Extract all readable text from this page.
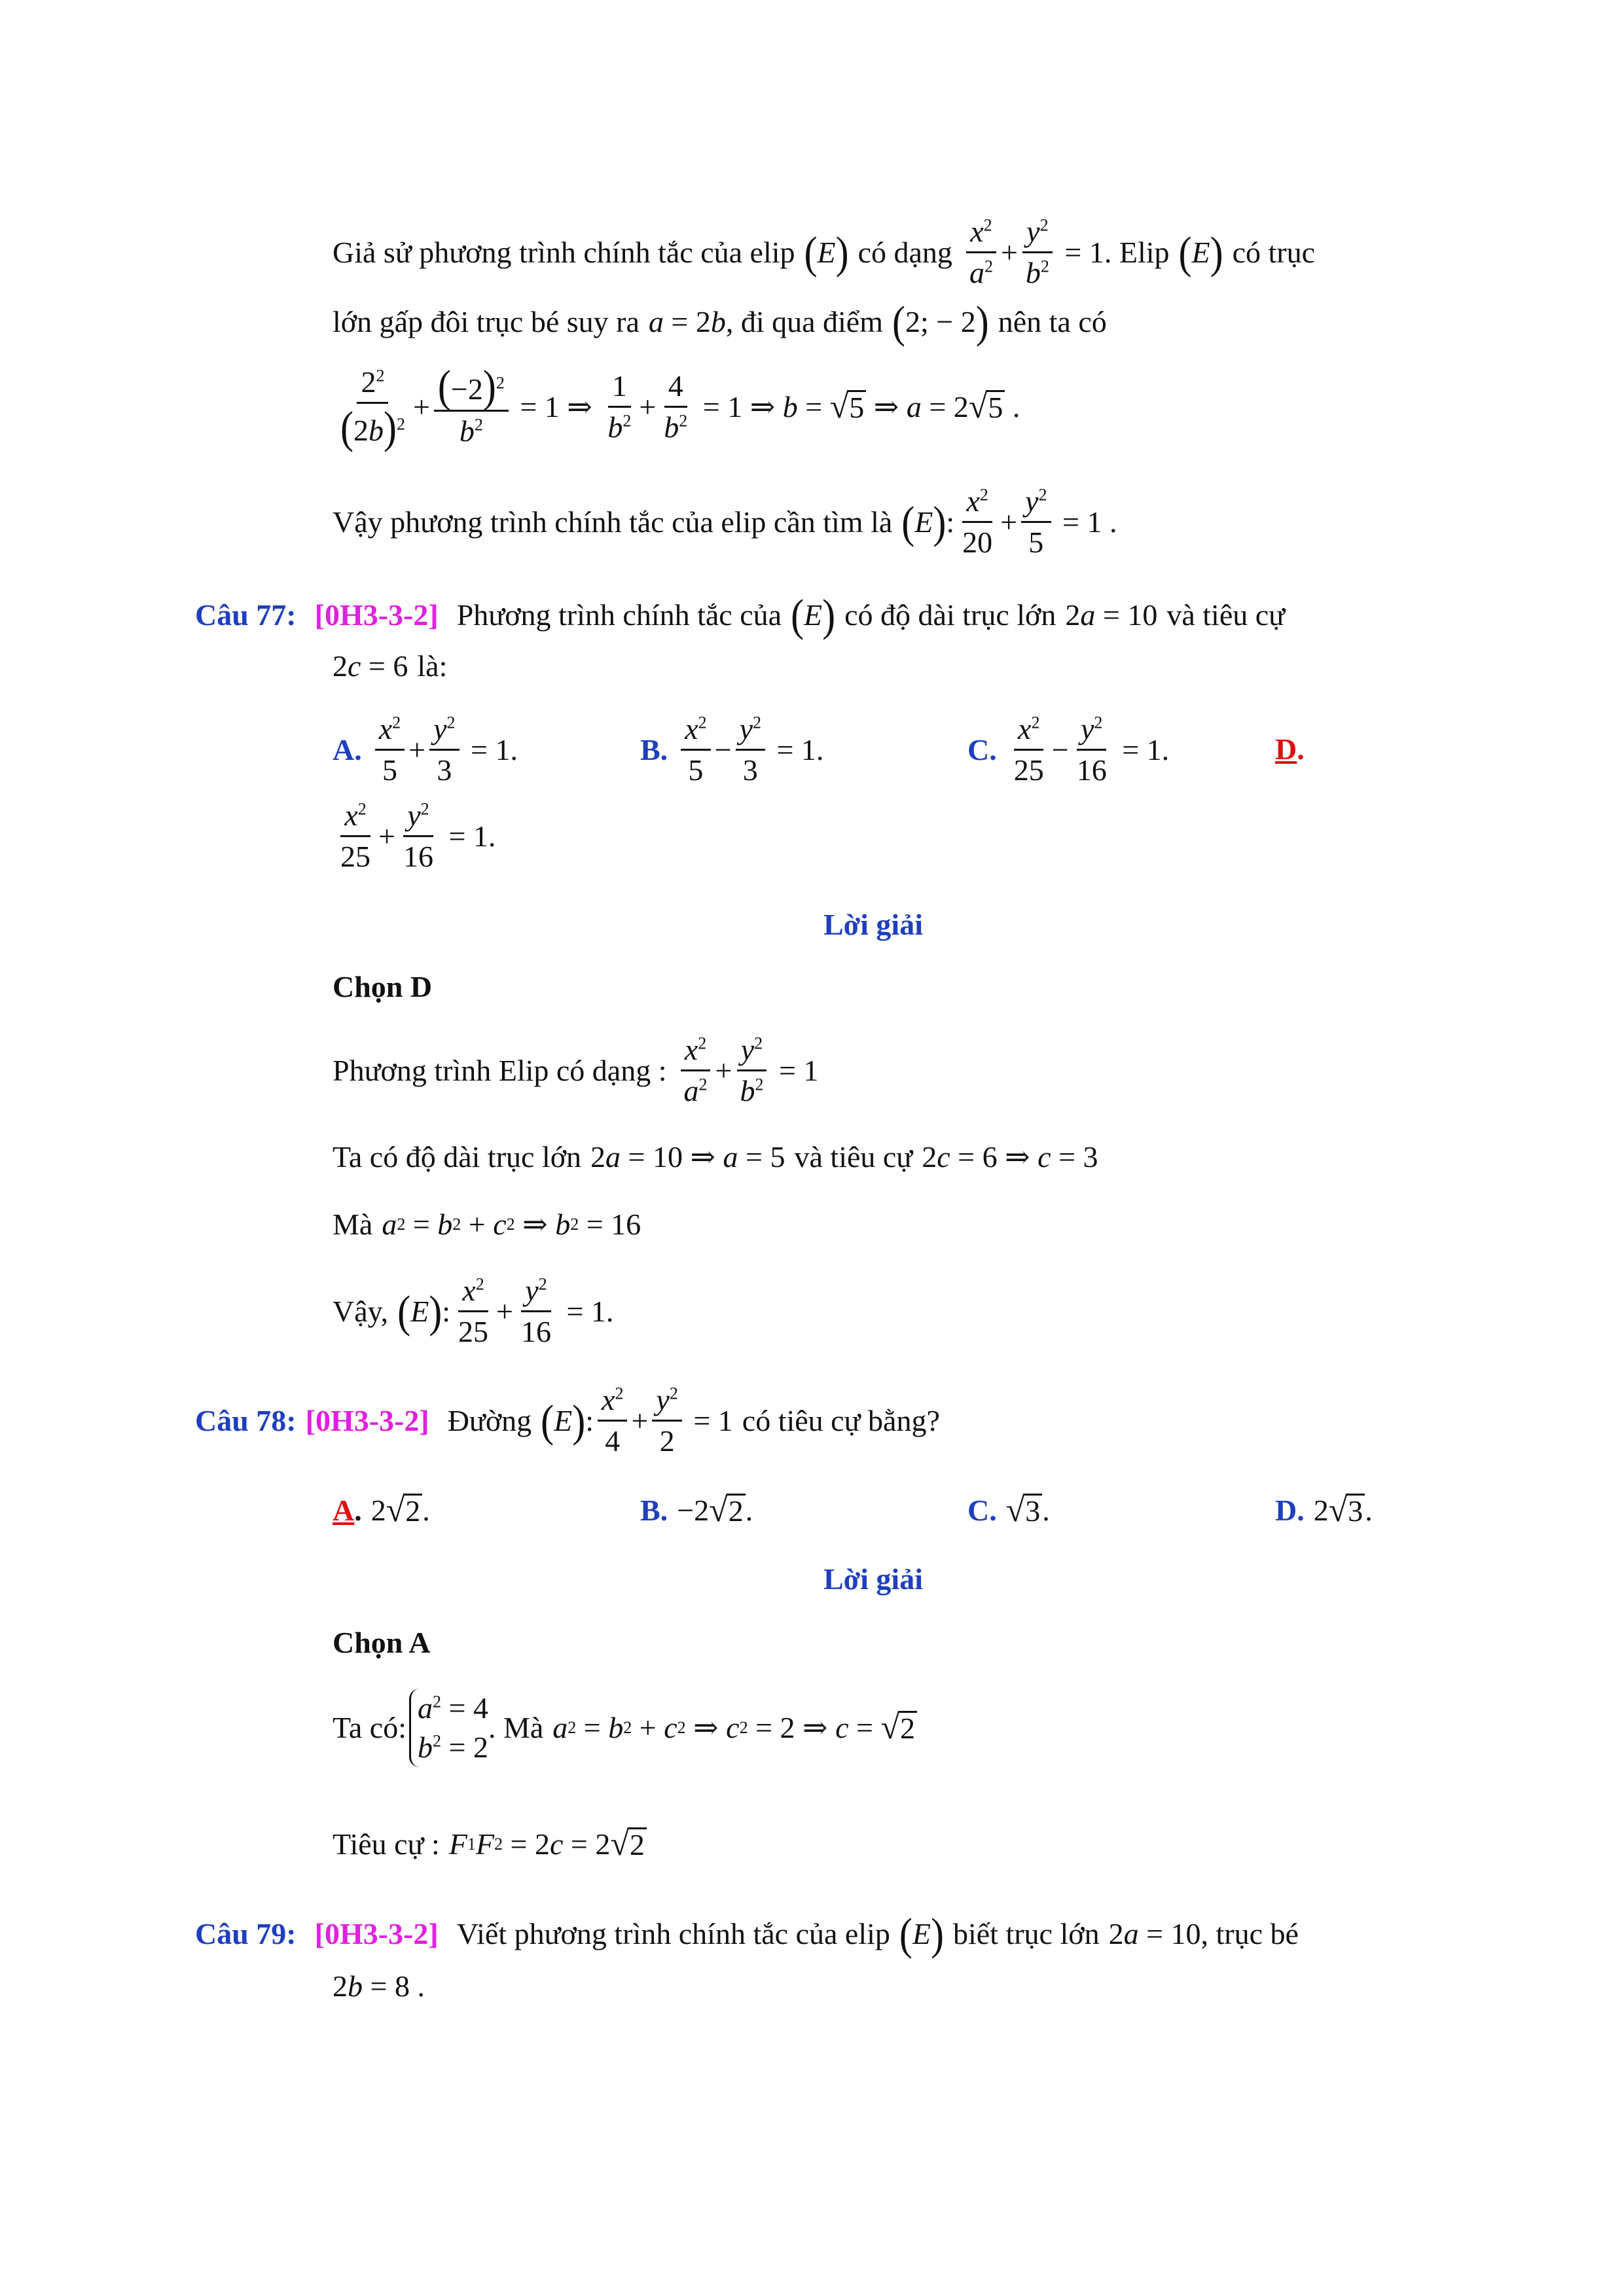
Giả sử phương trình chính tắc của elip ( E ) có dạng $\frac{x^2}{a^2} + \frac{y^2}{b^2} = 1$ . Elip ( E ) có trục
lớn gấp đôi trục bé suy ra a = 2 b , đi qua điểm ( 2; − 2 ) nên ta có
$\frac{2^2}{(2b)^2} + \frac{(-2)^2}{b^2} = 1$ ⇒ $\frac{1}{b^2} + \frac{4}{b^2} = 1$ ⇒ b = √ 5 ⇒ a = 2 √ 5 .
Vậy phương trình chính tắc của elip cần tìm là ( E ) : $\frac{x^2}{20} + \frac{y^2}{5} = 1$ .
Câu 77: [0H3-3-2] Phương trình chính tắc của ( E ) có độ dài trục lớn 2 a = 10 và tiêu cự
2 c = 6 là:
A. $\frac{x^2}{5} + \frac{y^2}{3} = 1$.	B. $\frac{x^2}{5} - \frac{y^2}{3} = 1$.	C. $\frac{x^2}{25} - \frac{y^2}{16} = 1$.	D .
$\frac{x^2}{25} + \frac{y^2}{16} = 1$.
Lời giải
Chọn D
Phương trình Elip có dạng : $\frac{x^2}{a^2} + \frac{y^2}{b^2} = 1$
Ta có độ dài trục lớn 2 a = 10 ⇒ a = 5 và tiêu cự 2 c = 6 ⇒ c = 3
Mà a 2 = b 2 + c 2 ⇒ b 2 = 16
Vậy, ( E ) : $\frac{x^2}{25} + \frac{y^2}{16} = 1$.
Câu 78: [0H3-3-2] Đường ( E ) : $\frac{x^2}{4} + \frac{y^2}{2} = 1$ có tiêu cự bằng?
A . 2 √ 2 .	B. −2 √ 2 .	C. √ 3 .	D. 2 √ 3 .
Lời giải
Chọn A
Ta có:
$a^2 = 4$
$b^2 = 2$
. Mà a 2 = b 2 + c 2 ⇒ c 2 = 2 ⇒ c = √ 2
Tiêu cự : F 1 F 2 = 2 c = 2 √ 2
Câu 79: [0H3-3-2] Viết phương trình chính tắc của elip ( E ) biết trục lớn 2 a = 10 , trục bé
2 b = 8 .
